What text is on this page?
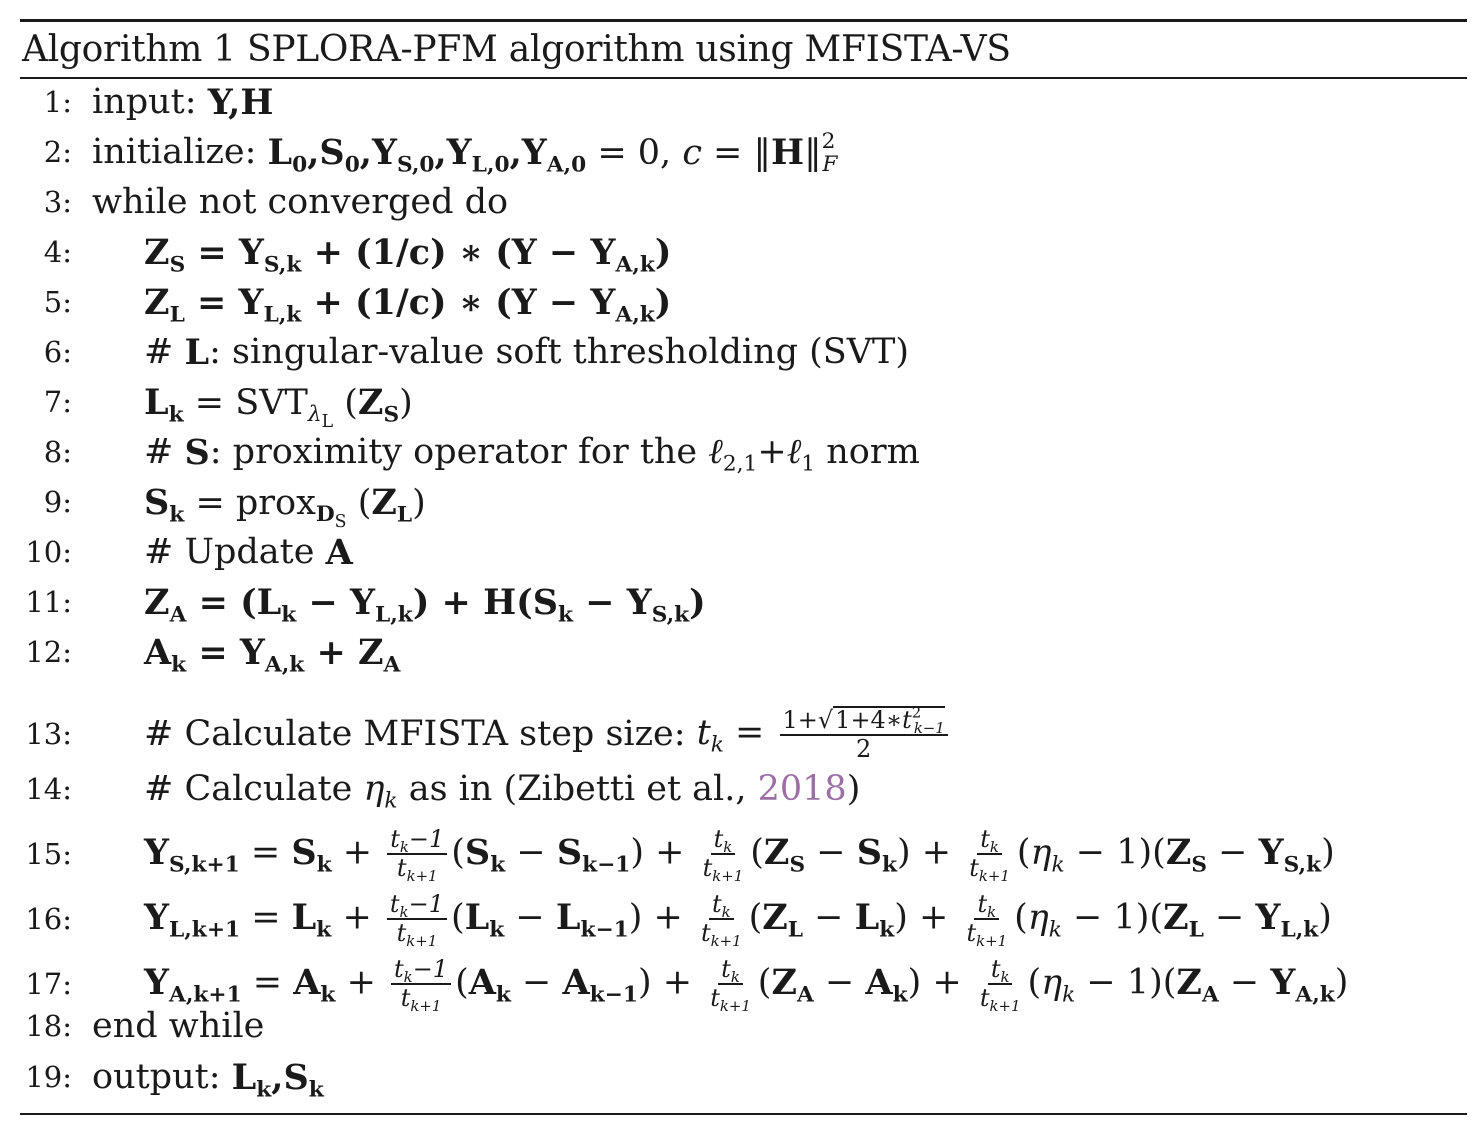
Algorithm 1 SPLORA-PFM algorithm using MFISTA-VS
1: input:
Y,H
2: initialize:
$L_0,S_0,Y_{S,0},Y_{L,0},Y_{A,0} = 0$, c = ‖H‖$^2_F$
3: while not converged do
4:	$Z_S = Y_{S,k} + (1/c)$ ∗ $(Y - Y_{A,k})$
5:	$Z_L = Y_{L,k} + (1/c)$ ∗ $(Y - Y_{A,k})$
6:	#
L : singular-value soft thresholding (SVT)
7:	$L_k = SVT_{\lambda_L}$ $(Z_S)$
8:	#
S : proximity operator for the
ℓ$_{2,1}$+ℓ$_1$
norm
9:	$S_k$ = prox$_{D_S}$ $(Z_L)$
10:	#
Update
A
11:	$Z_A = (L_k - Y_{L,k}) + H(S_k - Y_{S,k})$
12:	$A_k = Y_{A,k} + Z_A$
13:	#
Calculate MFISTA step size:
$t_k = \frac{1+√1+4∗t^2_{k-1}}{2}$
14:	#
Calculate
$\eta_k$
as in (Zibetti et al.,
2018 )
15:	$Y_{S,k+1} = S_k + \frac{t_k-1}{t_{k+1}} (S_k - S_{k-1}) + \frac{t_k}{t_{k+1}} (Z_S - S_k) + \frac{t_k}{t_{k+1}} (\eta_k - 1)(Z_S - Y_{S,k})$
16:	$Y_{L,k+1} = L_k + \frac{t_k-1}{t_{k+1}} (L_k - L_{k-1}) + \frac{t_k}{t_{k+1}} (Z_L - L_k) + \frac{t_k}{t_{k+1}} (\eta_k - 1)(Z_L - Y_{L,k})$
17:	$Y_{A,k+1} = A_k + \frac{t_k-1}{t_{k+1}} (A_k - A_{k-1}) + \frac{t_k}{t_{k+1}} (Z_A - A_k) + \frac{t_k}{t_{k+1}} (\eta_k - 1)(Z_A - Y_{A,k})$
18: end while
19: output:
$L_k,S_k$
